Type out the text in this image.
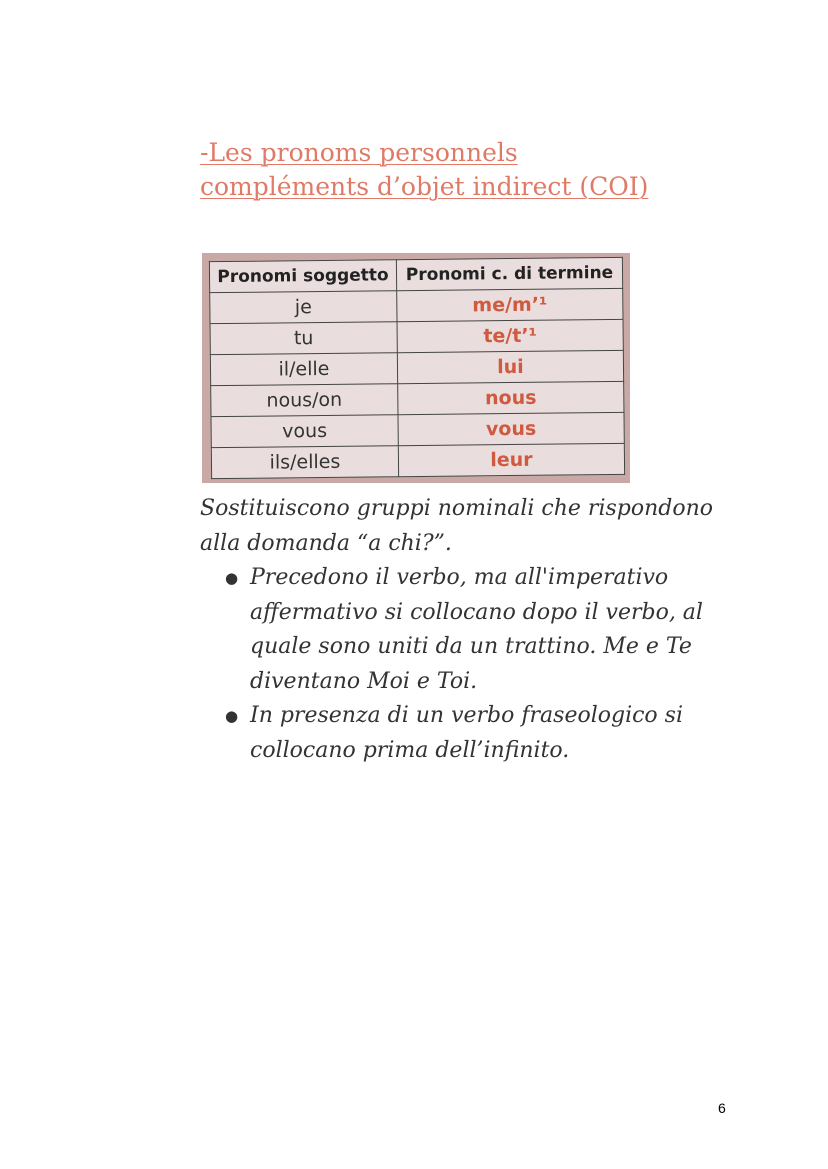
-Les pronoms personnels compléments d’objet indirect (COI)
Pronomi soggetto	Pronomi c. di termine
je	me/m’¹
tu	te/t’¹
il/elle	lui
nous/on	nous
vous	vous
ils/elles	leur
Sostituiscono gruppi nominali che rispondono alla domanda “a chi?”.
● Precedono il verbo, ma all'imperativo affermativo si collocano dopo il verbo, al quale sono uniti da un trattino. Me e Te diventano Moi e Toi.
● In presenza di un verbo fraseologico si collocano prima dell’infinito.
6
